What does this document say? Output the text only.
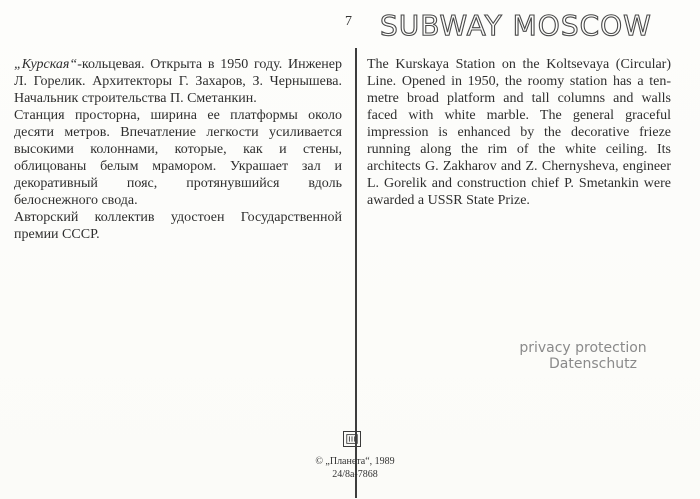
7 SUBWAY MOSCOW

„Курская“-кольцевая. Открыта в 1950 году. Инженер Л. Горелик. Архитекторы Г. Захаров, З. Чернышева. Начальник строительства П. Сметанкин.

Станция просторна, ширина ее платформы около десяти метров. Впечатление легкости усиливается высокими колоннами, которые, как и стены, облицованы белым мрамором. Украшает зал и декоративный пояс, протянувшийся вдоль белоснежного свода.

Авторский коллектив удостоен Государственной премии СССР.

The Kurskaya Station on the Koltsevaya (Circular) Line. Opened in 1950, the roomy station has a ten-metre broad platform and tall columns and walls faced with white marble. The general graceful impression is enhanced by the decorative frieze running along the rim of the white ceiling. Its architects G. Zakharov and Z. Chernysheva, engineer L. Gorelik and construction chief P. Smetankin were awarded a USSR State Prize.

privacy protection
Datenschutz
© „Планета“, 1989
24/8a-7868
